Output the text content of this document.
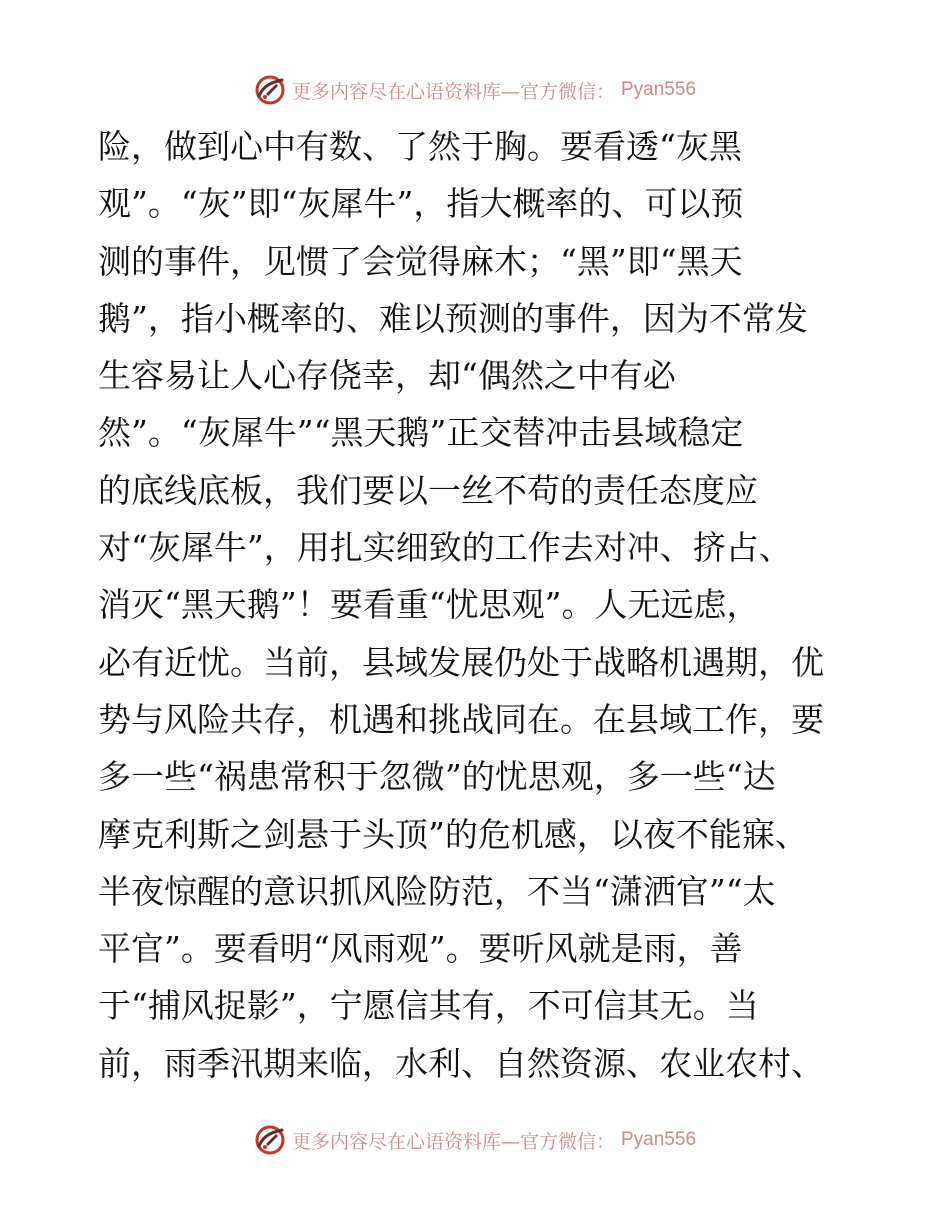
更多内容尽在心语资料库—官方微信： Pyan556
险，做到心中有数、了然于胸。要看透“灰黑
观”。“灰”即“灰犀牛”，指大概率的、可以预
测的事件，见惯了会觉得麻木；“黑”即“黑天
鹅”，指小概率的、难以预测的事件，因为不常发
生容易让人心存侥幸，却“偶然之中有必
然”。“灰犀牛”“黑天鹅”正交替冲击县域稳定
的底线底板，我们要以一丝不苟的责任态度应
对“灰犀牛”，用扎实细致的工作去对冲、挤占、
消灭“黑天鹅”！要看重“忧思观”。人无远虑，
必有近忧。当前，县域发展仍处于战略机遇期，优
势与风险共存，机遇和挑战同在。在县域工作，要
多一些“祸患常积于忽微”的忧思观，多一些“达
摩克利斯之剑悬于头顶”的危机感，以夜不能寐、
半夜惊醒的意识抓风险防范，不当“潇洒官”“太
平官”。要看明“风雨观”。要听风就是雨，善
于“捕风捉影”，宁愿信其有，不可信其无。当
前，雨季汛期来临，水利、自然资源、农业农村、
更多内容尽在心语资料库—官方微信： Pyan556
